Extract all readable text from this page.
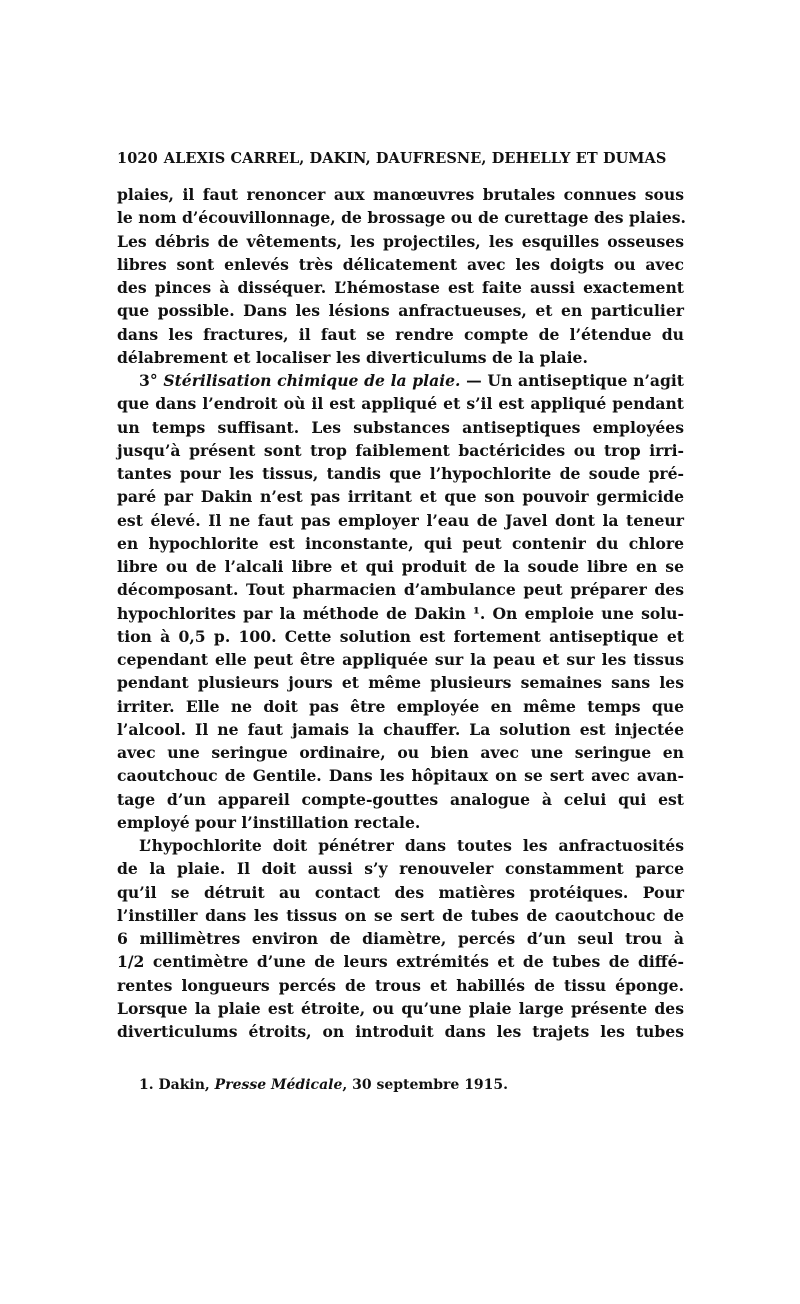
1020 ALEXIS CARREL, DAKIN, DAUFRESNE, DEHELLY ET DUMAS

plaies, il faut renoncer aux manœuvres brutales connues sous
le nom d’écouvillonnage, de brossage ou de curettage des plaies.
Les débris de vêtements, les projectiles, les esquilles osseuses
libres sont enlevés très délicatement avec les doigts ou avec
des pinces à disséquer. L’hémostase est faite aussi exactement
que possible. Dans les lésions anfractueuses, et en particulier
dans les fractures, il faut se rendre compte de l’étendue du
délabrement et localiser les diverticulums de la plaie.

3° Stérilisation chimique de la plaie. — Un antiseptique n’agit
que dans l’endroit où il est appliqué et s’il est appliqué pendant
un temps suffisant. Les substances antiseptiques employées
jusqu’à présent sont trop faiblement bactéricides ou trop irri-
tantes pour les tissus, tandis que l’hypochlorite de soude pré-
paré par Dakin n’est pas irritant et que son pouvoir germicide
est élevé. Il ne faut pas employer l’eau de Javel dont la teneur
en hypochlorite est inconstante, qui peut contenir du chlore
libre ou de l’alcali libre et qui produit de la soude libre en se
décomposant. Tout pharmacien d’ambulance peut préparer des
hypochlorites par la méthode de Dakin ¹. On emploie une solu-
tion à 0,5 p. 100. Cette solution est fortement antiseptique et
cependant elle peut être appliquée sur la peau et sur les tissus
pendant plusieurs jours et même plusieurs semaines sans les
irriter. Elle ne doit pas être employée en même temps que
l’alcool. Il ne faut jamais la chauffer. La solution est injectée
avec une seringue ordinaire, ou bien avec une seringue en
caoutchouc de Gentile. Dans les hôpitaux on se sert avec avan-
tage d’un appareil compte-gouttes analogue à celui qui est
employé pour l’instillation rectale.

L’hypochlorite doit pénétrer dans toutes les anfractuosités
de la plaie. Il doit aussi s’y renouveler constamment parce
qu’il se détruit au contact des matières protéiques. Pour
l’instiller dans les tissus on se sert de tubes de caoutchouc de
6 millimètres environ de diamètre, percés d’un seul trou à
1/2 centimètre d’une de leurs extrémités et de tubes de diffé-
rentes longueurs percés de trous et habillés de tissu éponge.
Lorsque la plaie est étroite, ou qu’une plaie large présente des
diverticulums étroits, on introduit dans les trajets les tubes

1. Dakin, Presse Médicale, 30 septembre 1915.
